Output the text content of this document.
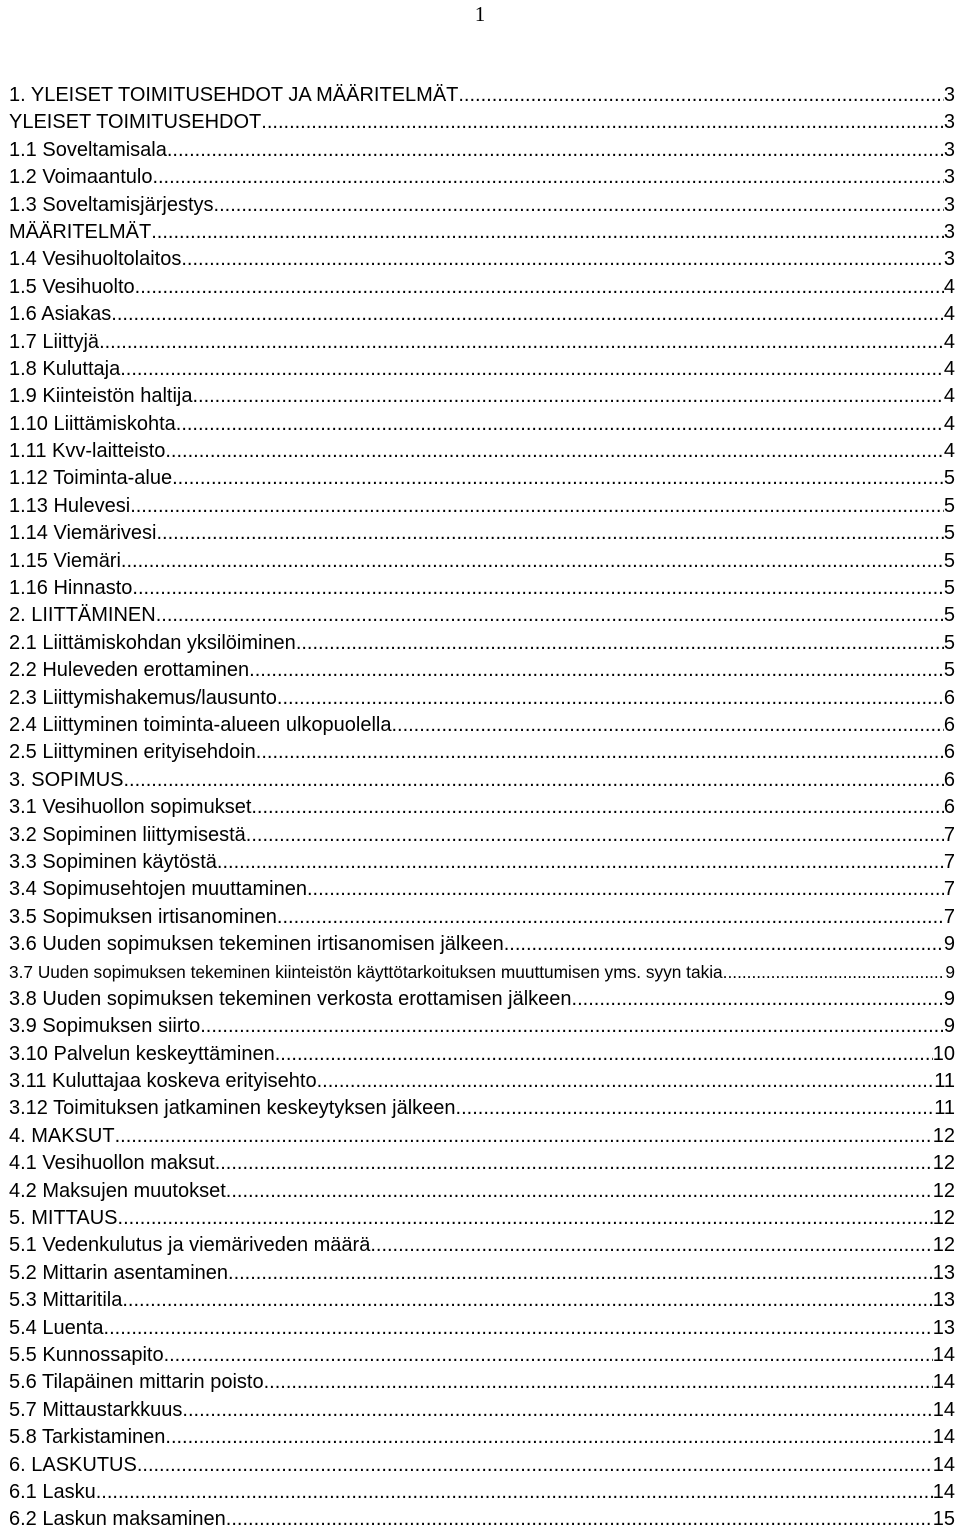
1
1. YLEISET TOIMITUSEHDOT JA MÄÄRITELMÄT .....	3
YLEISET TOIMITUSEHDOT .....	3
1.1 Soveltamisala .....	3
1.2 Voimaantulo .....	3
1.3 Soveltamisjärjestys .....	3
MÄÄRITELMÄT .....	3
1.4 Vesihuoltolaitos .....	3
1.5 Vesihuolto .....	4
1.6 Asiakas .....	4
1.7 Liittyjä .....	4
1.8 Kuluttaja .....	4
1.9 Kiinteistön haltija .....	4
1.10 Liittämiskohta .....	4
1.11 Kvv-laitteisto .....	4
1.12 Toiminta-alue .....	5
1.13 Hulevesi .....	5
1.14 Viemärivesi .....	5
1.15 Viemäri .....	5
1.16 Hinnasto .....	5
2. LIITTÄMINEN .....	5
2.1 Liittämiskohdan yksilöiminen .....	5
2.2 Huleveden erottaminen .....	5
2.3 Liittymishakemus/lausunto .....	6
2.4 Liittyminen toiminta-alueen ulkopuolella .....	6
2.5 Liittyminen erityisehdoin .....	6
3. SOPIMUS .....	6
3.1 Vesihuollon sopimukset .....	6
3.2 Sopiminen liittymisestä .....	7
3.3 Sopiminen käytöstä .....	7
3.4 Sopimusehtojen muuttaminen .....	7
3.5 Sopimuksen irtisanominen .....	7
3.6 Uuden sopimuksen tekeminen irtisanomisen jälkeen .....	9
3.7 Uuden sopimuksen tekeminen kiinteistön käyttötarkoituksen muuttumisen yms. syyn takia .....	9
3.8 Uuden sopimuksen tekeminen verkosta erottamisen jälkeen .....	9
3.9 Sopimuksen siirto .....	9
3.10 Palvelun keskeyttäminen .....	10
3.11 Kuluttajaa koskeva erityisehto .....	11
3.12 Toimituksen jatkaminen keskeytyksen jälkeen .....	11
4. MAKSUT .....	12
4.1 Vesihuollon maksut .....	12
4.2 Maksujen muutokset .....	12
5. MITTAUS .....	12
5.1 Vedenkulutus ja viemäriveden määrä .....	12
5.2 Mittarin asentaminen .....	13
5.3 Mittaritila .....	13
5.4 Luenta .....	13
5.5 Kunnossapito .....	14
5.6 Tilapäinen mittarin poisto .....	14
5.7 Mittaustarkkuus .....	14
5.8 Tarkistaminen .....	14
6. LASKUTUS .....	14
6.1 Lasku .....	14
6.2 Laskun maksaminen .....	15
